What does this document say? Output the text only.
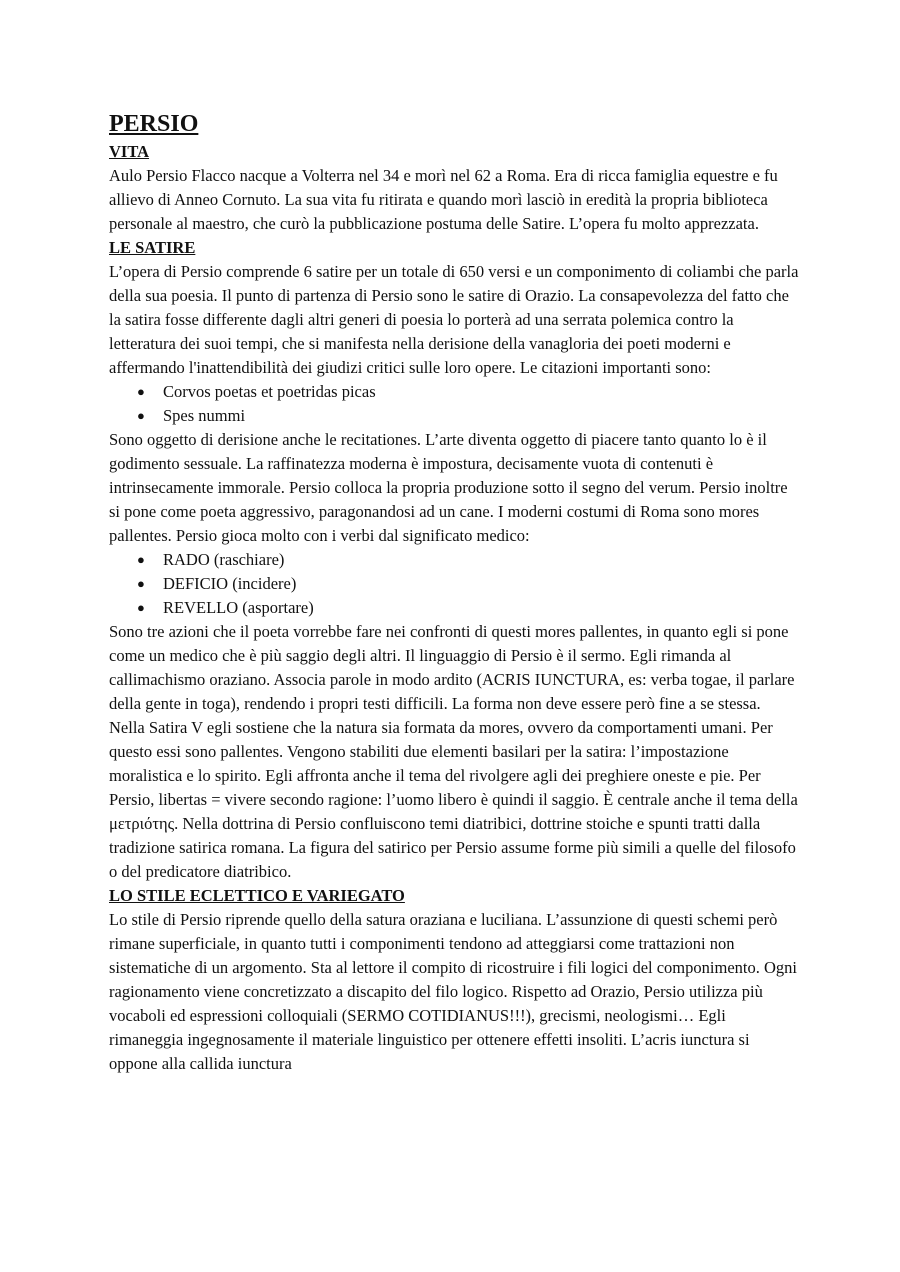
PERSIO
VITA

Aulo Persio Flacco nacque a Volterra nel 34 e morì nel 62 a Roma. Era di ricca famiglia equestre e fu allievo di Anneo Cornuto. La sua vita fu ritirata e quando morì lasciò in eredità la propria biblioteca personale al maestro, che curò la pubblicazione postuma delle Satire. L’opera fu molto apprezzata.

LE SATIRE

L’opera di Persio comprende 6 satire per un totale di 650 versi e un componimento di coliambi che parla della sua poesia. Il punto di partenza di Persio sono le satire di Orazio. La consapevolezza del fatto che la satira fosse differente dagli altri generi di poesia lo porterà ad una serrata polemica contro la letteratura dei suoi tempi, che si manifesta nella derisione della vanagloria dei poeti moderni e affermando l'inattendibilità dei giudizi critici sulle loro opere. Le citazioni importanti sono:

● Corvos poetas et poetridas picas
● Spes nummi

Sono oggetto di derisione anche le recitationes. L’arte diventa oggetto di piacere tanto quanto lo è il godimento sessuale. La raffinatezza moderna è impostura, decisamente vuota di contenuti è intrinsecamente immorale. Persio colloca la propria produzione sotto il segno del verum. Persio inoltre si pone come poeta aggressivo, paragonandosi ad un cane. I moderni costumi di Roma sono mores pallentes. Persio gioca molto con i verbi dal significato medico:

● RADO (raschiare)
● DEFICIO (incidere)
● REVELLO (asportare)

Sono tre azioni che il poeta vorrebbe fare nei confronti di questi mores pallentes, in quanto egli si pone come un medico che è più saggio degli altri. Il linguaggio di Persio è il sermo. Egli rimanda al callimachismo oraziano. Associa parole in modo ardito (ACRIS IUNCTURA, es: verba togae, il parlare della gente in toga), rendendo i propri testi difficili. La forma non deve essere però fine a se stessa. Nella Satira V egli sostiene che la natura sia formata da mores, ovvero da comportamenti umani. Per questo essi sono pallentes. Vengono stabiliti due elementi basilari per la satira: l’impostazione moralistica e lo spirito. Egli affronta anche il tema del rivolgere agli dei preghiere oneste e pie. Per Persio, libertas = vivere secondo ragione: l’uomo libero è quindi il saggio. È centrale anche il tema della μετριότης. Nella dottrina di Persio confluiscono temi diatribici, dottrine stoiche e spunti tratti dalla tradizione satirica romana. La figura del satirico per Persio assume forme più simili a quelle del filosofo o del predicatore diatribico.

LO STILE ECLETTICO E VARIEGATO

Lo stile di Persio riprende quello della satura oraziana e luciliana. L’assunzione di questi schemi però rimane superficiale, in quanto tutti i componimenti tendono ad atteggiarsi come trattazioni non sistematiche di un argomento. Sta al lettore il compito di ricostruire i fili logici del componimento. Ogni ragionamento viene concretizzato a discapito del filo logico. Rispetto ad Orazio, Persio utilizza più vocaboli ed espressioni colloquiali (SERMO COTIDIANUS!!!), grecismi, neologismi… Egli rimaneggia ingegnosamente il materiale linguistico per ottenere effetti insoliti. L’acris iunctura si oppone alla callida iunctura
